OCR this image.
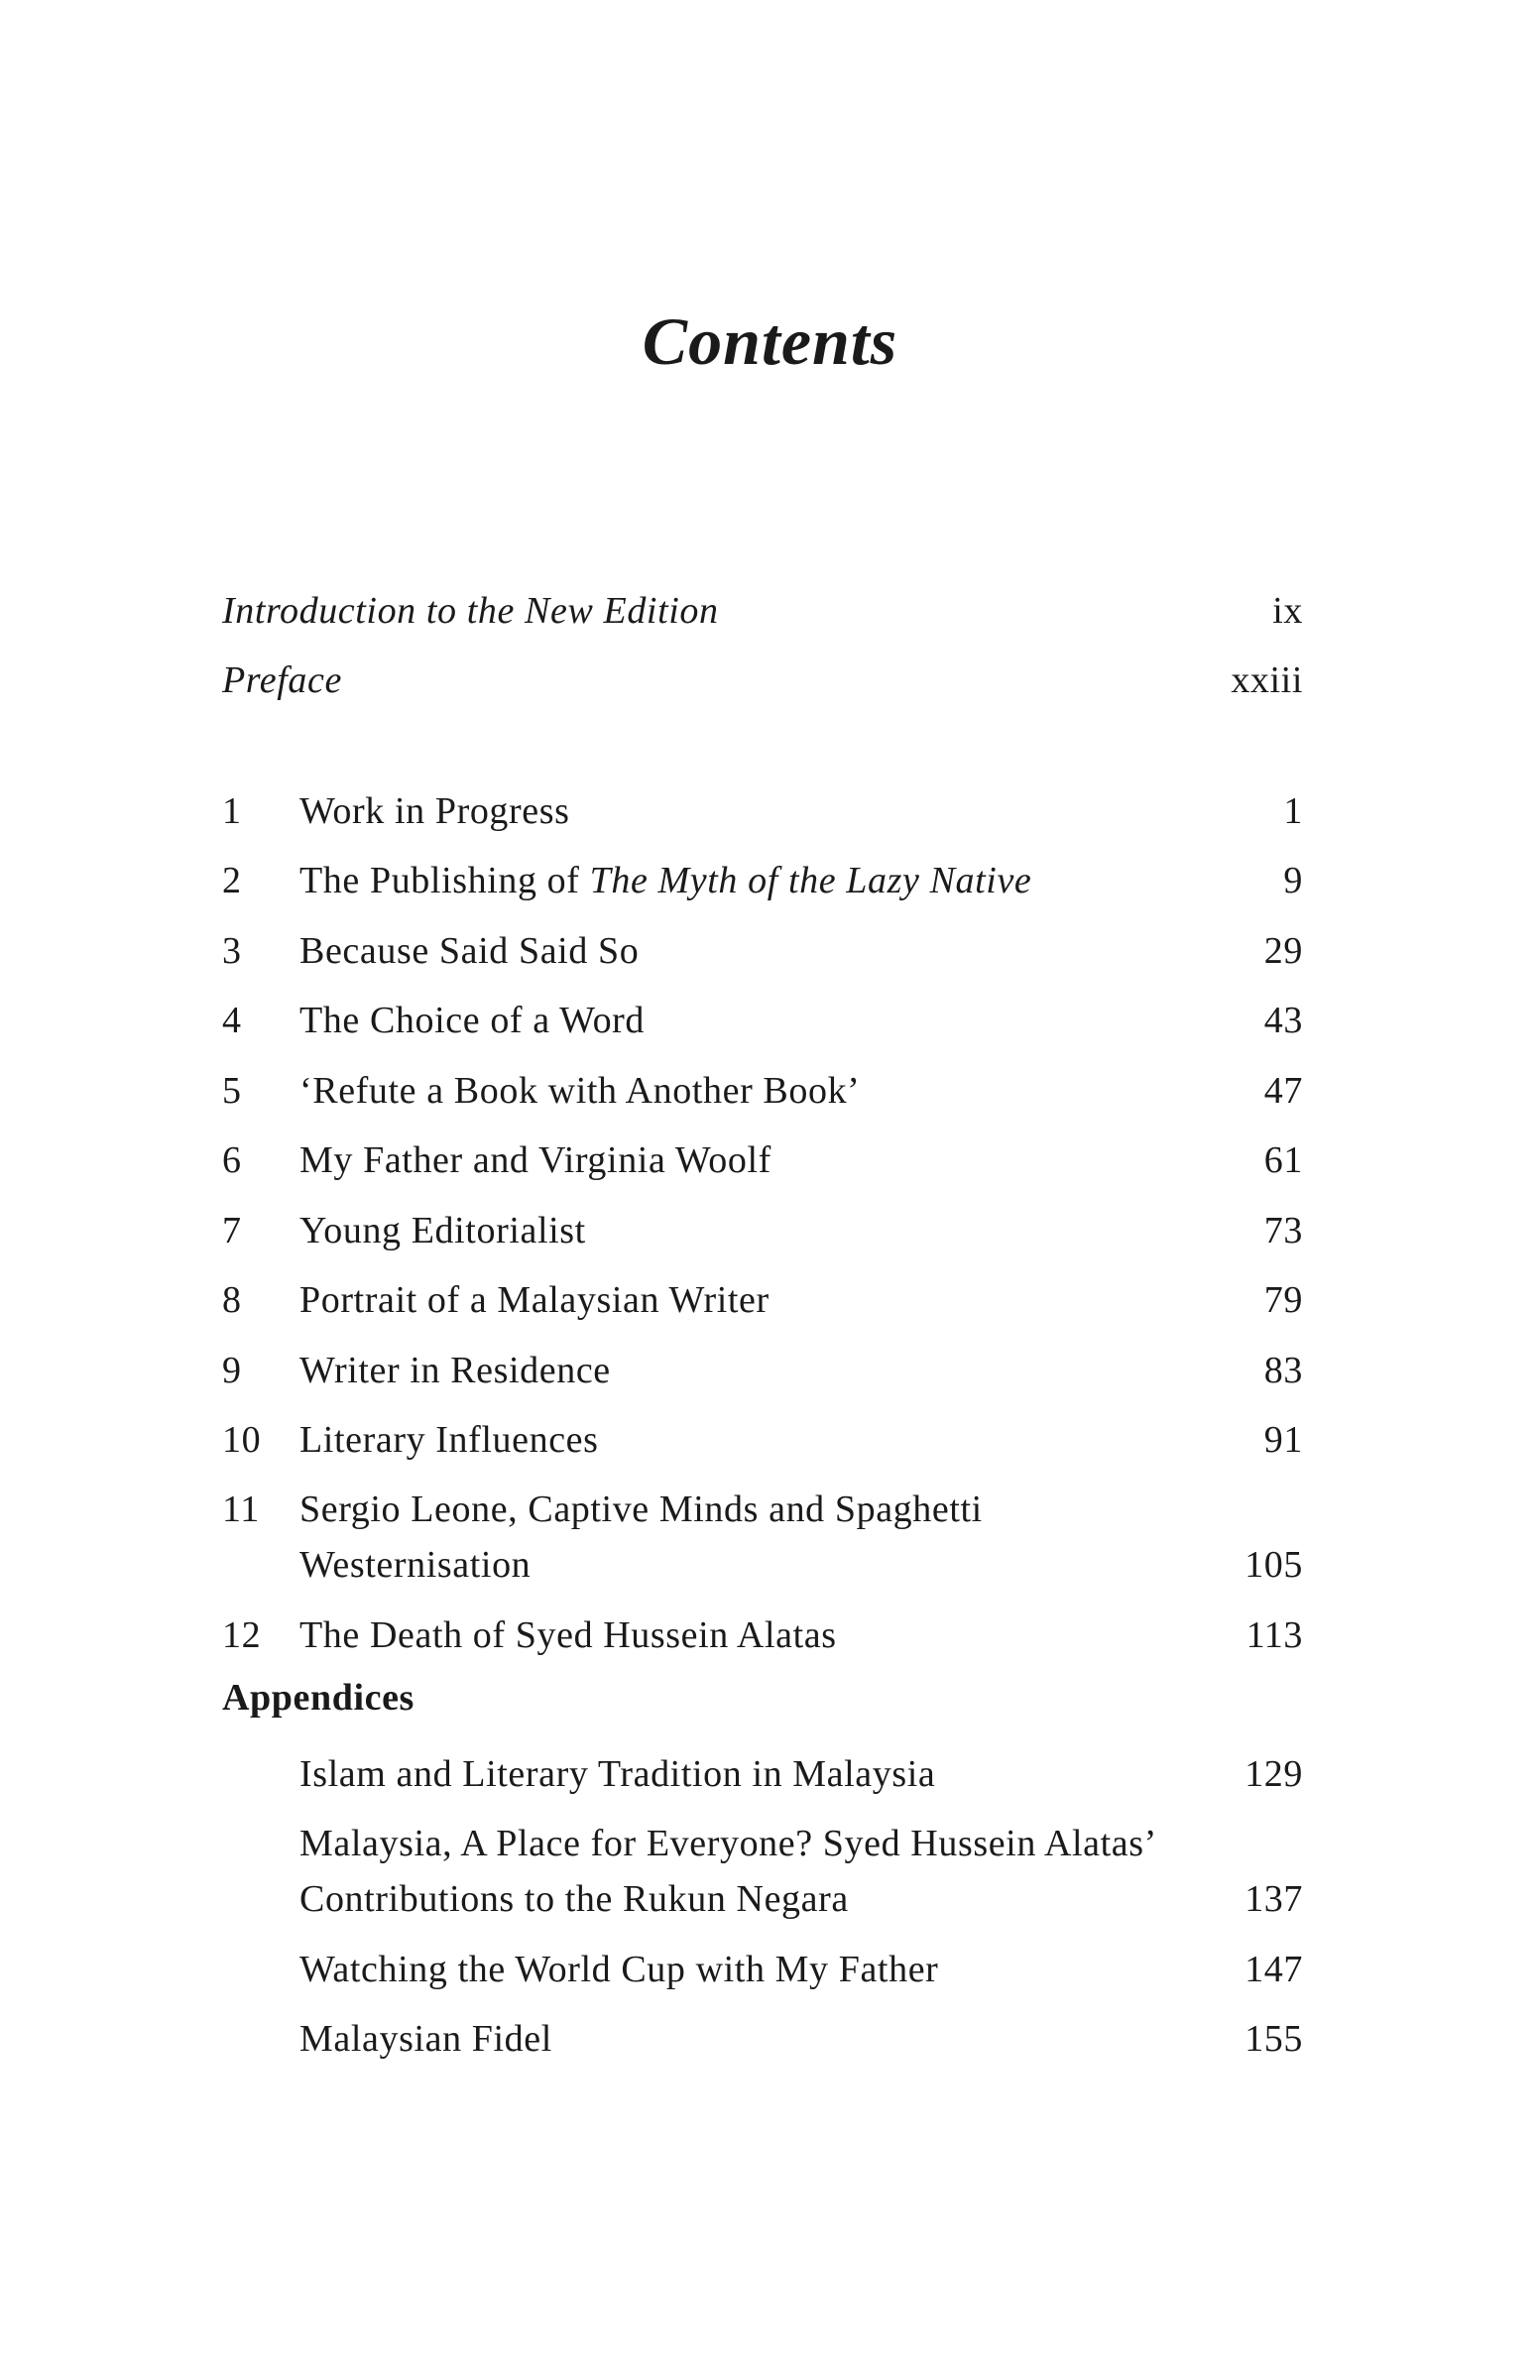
Contents
Introduction to the New Edition	ix
Preface	xxiii
1	Work in Progress	1
2	The Publishing of The Myth of the Lazy Native	9
3	Because Said Said So	29
4	The Choice of a Word	43
5	‘Refute a Book with Another Book’	47
6	My Father and Virginia Woolf	61
7	Young Editorialist	73
8	Portrait of a Malaysian Writer	79
9	Writer in Residence	83
10	Literary Influences	91
11	Sergio Leone, Captive Minds and Spaghetti
Westernisation	105
12	The Death of Syed Hussein Alatas	113
Appendices
Islam and Literary Tradition in Malaysia	129
Malaysia, A Place for Everyone? Syed Hussein Alatas’
Contributions to the Rukun Negara	137
Watching the World Cup with My Father	147
Malaysian Fidel	155
